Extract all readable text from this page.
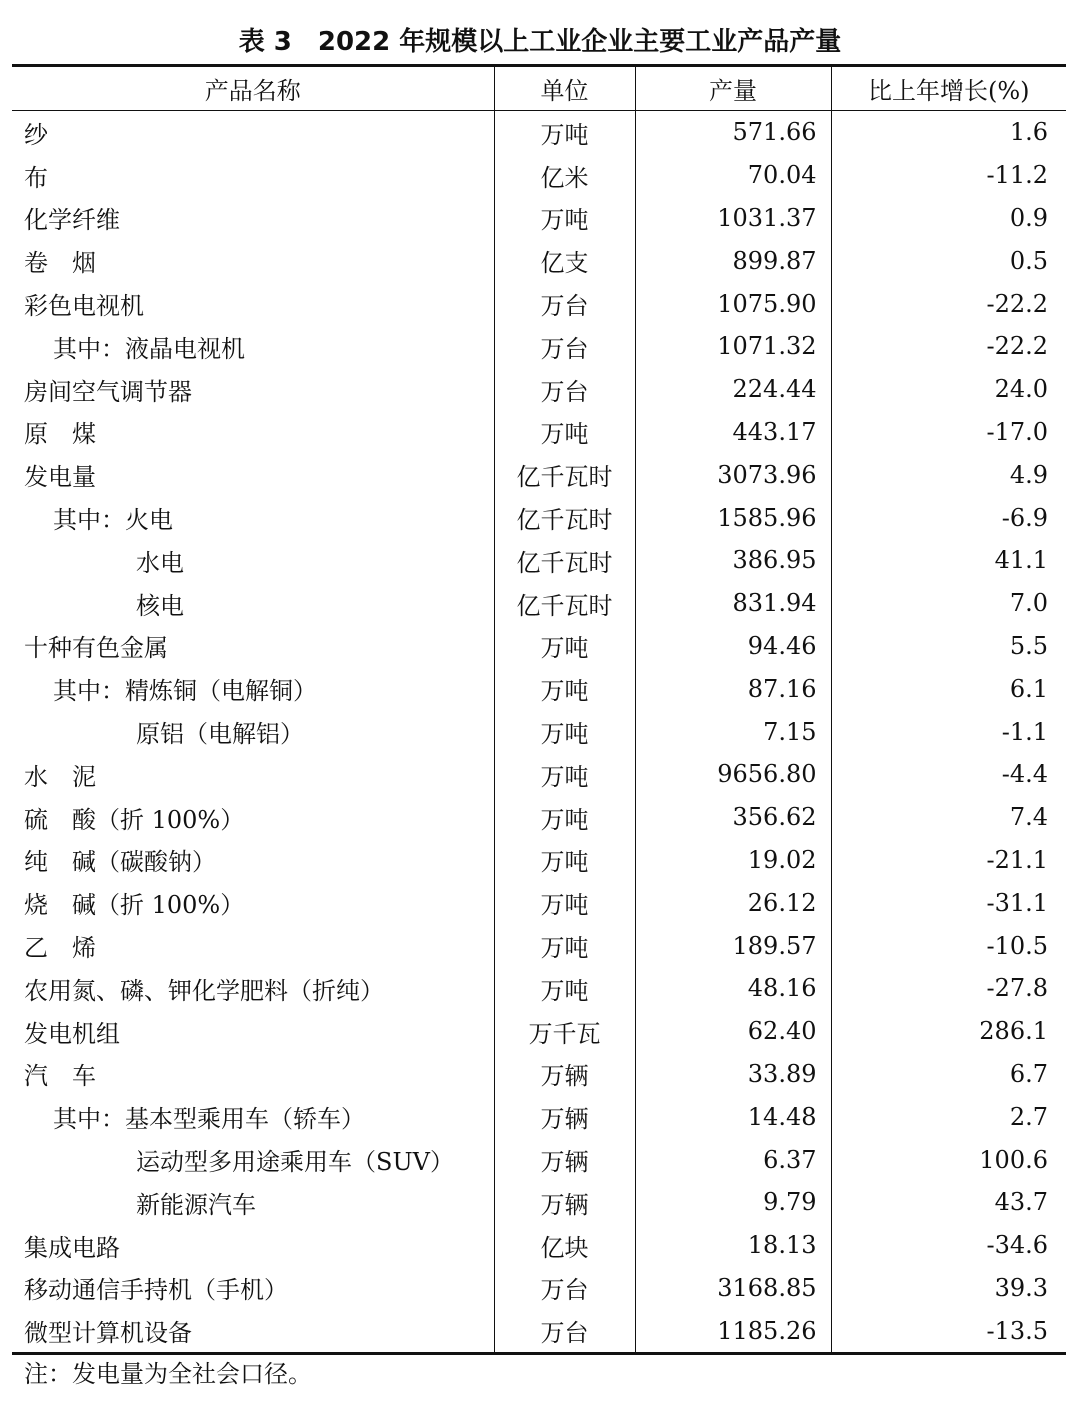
表 3 2022 年规模以上工业企业主要工业产品产量
产品名称	单位	产量	比上年增长(%)
纱	万吨	571.66	1.6
布	亿米	70.04	-11.2
化学纤维	万吨	1031.37	0.9
卷　烟	亿支	899.87	0.5
彩色电视机	万台	1075.90	-22.2
其中：液晶电视机	万台	1071.32	-22.2
房间空气调节器	万台	224.44	24.0
原　煤	万吨	443.17	-17.0
发电量	亿千瓦时	3073.96	4.9
其中：火电	亿千瓦时	1585.96	-6.9
水电	亿千瓦时	386.95	41.1
核电	亿千瓦时	831.94	7.0
十种有色金属	万吨	94.46	5.5
其中：精炼铜（电解铜）	万吨	87.16	6.1
原铝（电解铝）	万吨	7.15	-1.1
水　泥	万吨	9656.80	-4.4
硫　酸（折 100%）	万吨	356.62	7.4
纯　碱（碳酸钠）	万吨	19.02	-21.1
烧　碱（折 100%）	万吨	26.12	-31.1
乙　烯	万吨	189.57	-10.5
农用氮、磷、钾化学肥料（折纯）	万吨	48.16	-27.8
发电机组	万千瓦	62.40	286.1
汽　车	万辆	33.89	6.7
其中：基本型乘用车（轿车）	万辆	14.48	2.7
运动型多用途乘用车（SUV）	万辆	6.37	100.6
新能源汽车	万辆	9.79	43.7
集成电路	亿块	18.13	-34.6
移动通信手持机（手机）	万台	3168.85	39.3
微型计算机设备	万台	1185.26	-13.5
注：发电量为全社会口径。
